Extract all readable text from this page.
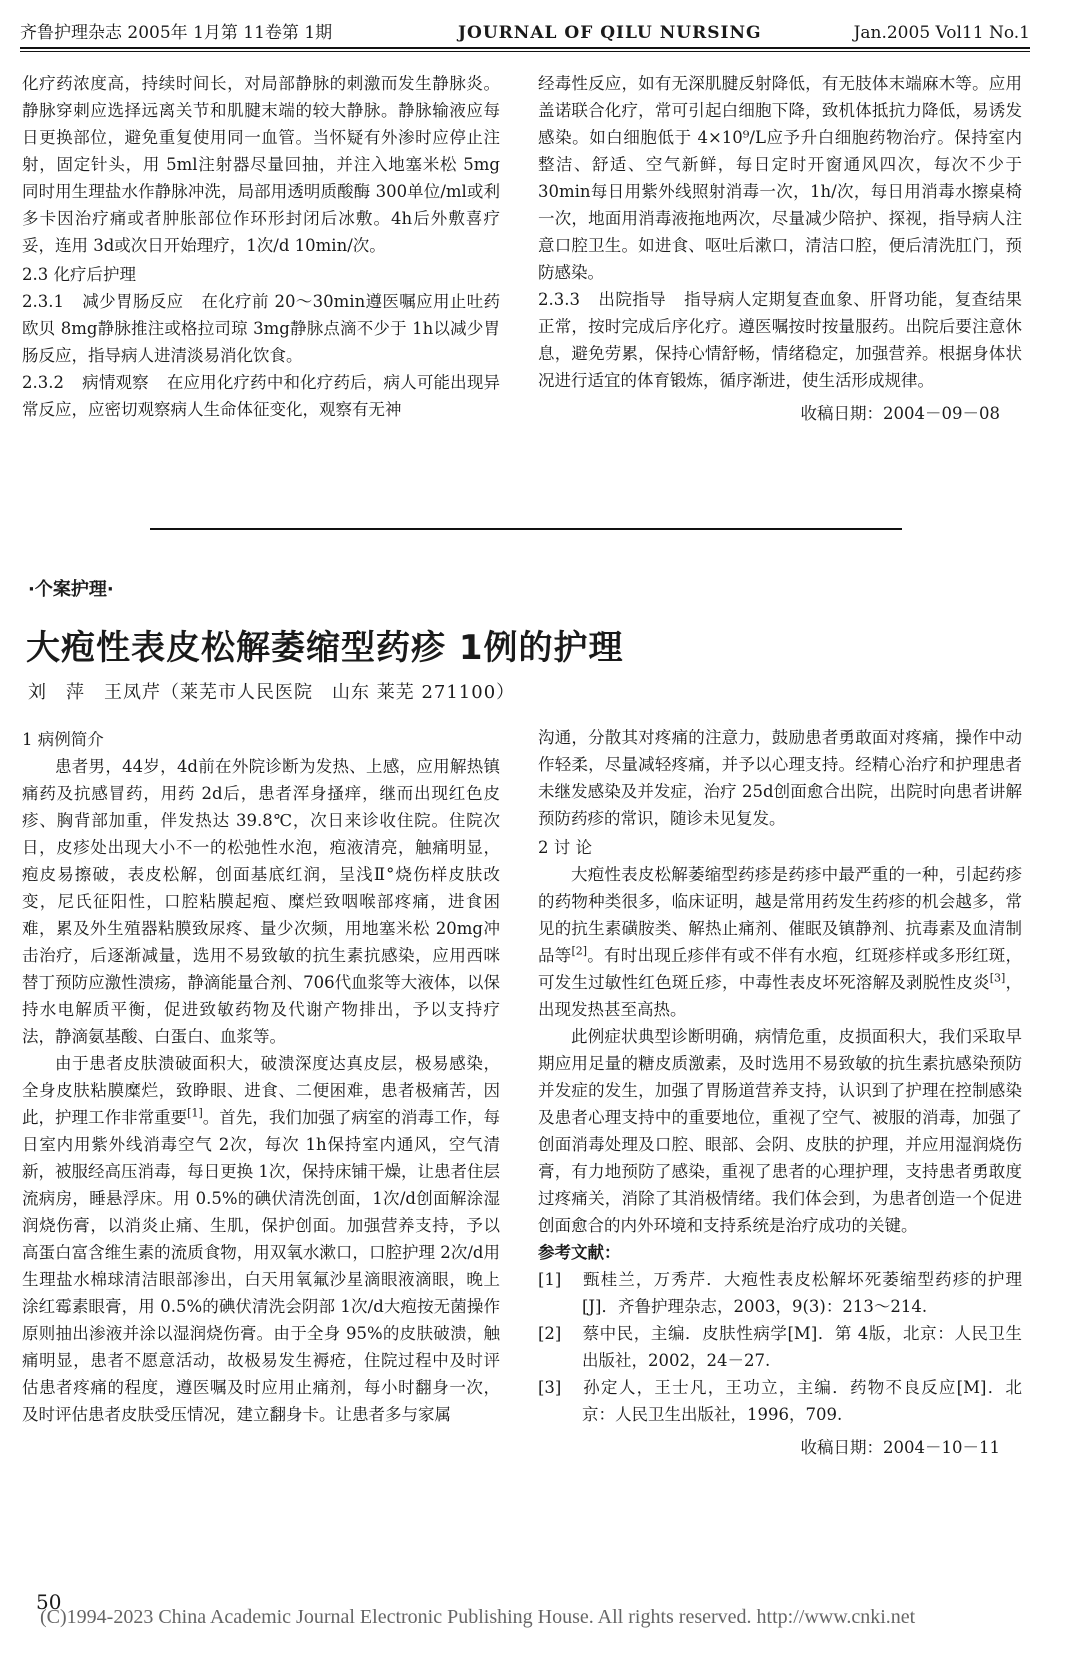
齐鲁护理杂志 2005年 1月第 11卷第 1期	JOURNAL OF QILU NURSING	Jan.2005 Vol11 No.1

化疗药浓度高，持续时间长，对局部静脉的刺激而发生静脉炎。静脉穿刺应选择远离关节和肌腱末端的较大静脉。静脉输液应每日更换部位，避免重复使用同一血管。当怀疑有外渗时应停止注射，固定针头，用 5ml注射器尽量回抽，并注入地塞米松 5mg 同时用生理盐水作静脉冲洗，局部用透明质酸酶 300单位/ml或利多卡因治疗痛或者肿胀部位作环形封闭后冰敷。4h后外敷喜疗妥，连用 3d或次日开始理疗，1次/d 10min/次。

2.3 化疗后护理

2.3.1 减少胃肠反应 在化疗前 20～30min遵医嘱应用止吐药欧贝 8mg静脉推注或格拉司琼 3mg静脉点滴不少于 1h以减少胃肠反应，指导病人进清淡易消化饮食。

2.3.2 病情观察 在应用化疗药中和化疗药后，病人可能出现异常反应，应密切观察病人生命体征变化，观察有无神

经毒性反应，如有无深肌腱反射降低，有无肢体末端麻木等。应用盖诺联合化疗，常可引起白细胞下降，致机体抵抗力降低，易诱发感染。如白细胞低于 4×10⁹/L应予升白细胞药物治疗。保持室内整洁、舒适、空气新鲜，每日定时开窗通风四次，每次不少于 30min每日用紫外线照射消毒一次，1h/次，每日用消毒水擦桌椅一次，地面用消毒液拖地两次，尽量减少陪护、探视，指导病人注意口腔卫生。如进食、呕吐后漱口，清洁口腔，便后清洗肛门，预防感染。

2.3.3 出院指导 指导病人定期复查血象、肝肾功能，复查结果正常，按时完成后序化疗。遵医嘱按时按量服药。出院后要注意休息，避免劳累，保持心情舒畅，情绪稳定，加强营养。根据身体状况进行适宜的体育锻炼，循序渐进，使生活形成规律。

收稿日期：2004－09－08

·个案护理·
大疱性表皮松解萎缩型药疹 1例的护理
刘　萍　王凤芹（莱芜市人民医院　山东 莱芜 271100）

1 病例简介

患者男，44岁，4d前在外院诊断为发热、上感，应用解热镇痛药及抗感冒药，用药 2d后，患者浑身搔痒，继而出现红色皮疹、胸背部加重，伴发热达 39.8℃，次日来诊收住院。住院次日，皮疹处出现大小不一的松弛性水泡，疱液清亮，触痛明显，疱皮易擦破，表皮松解，创面基底红润，呈浅Ⅱ°烧伤样皮肤改变，尼氏征阳性，口腔粘膜起疱、糜烂致咽喉部疼痛，进食困难，累及外生殖器粘膜致尿疼、量少次频，用地塞米松 20mg冲击治疗，后逐渐减量，选用不易致敏的抗生素抗感染，应用西咪替丁预防应激性溃疡，静滴能量合剂、706代血浆等大液体，以保持水电解质平衡，促进致敏药物及代谢产物排出，予以支持疗法，静滴氨基酸、白蛋白、血浆等。

由于患者皮肤溃破面积大，破溃深度达真皮层，极易感染，全身皮肤粘膜糜烂，致睁眼、进食、二便困难，患者极痛苦，因此，护理工作非常重要[1]。首先，我们加强了病室的消毒工作，每日室内用紫外线消毒空气 2次，每次 1h保持室内通风，空气清新，被服经高压消毒，每日更换 1次，保持床铺干燥，让患者住层流病房，睡悬浮床。用 0.5%的碘伏清洗创面，1次/d创面解涂湿润烧伤膏，以消炎止痛、生肌，保护创面。加强营养支持，予以高蛋白富含维生素的流质食物，用双氧水漱口，口腔护理 2次/d用生理盐水棉球清洁眼部渗出，白天用氧氟沙星滴眼液滴眼，晚上涂红霉素眼膏，用 0.5%的碘伏清洗会阴部 1次/d大疱按无菌操作原则抽出渗液并涂以湿润烧伤膏。由于全身 95%的皮肤破溃，触痛明显，患者不愿意活动，故极易发生褥疮，住院过程中及时评估患者疼痛的程度，遵医嘱及时应用止痛剂，每小时翻身一次，及时评估患者皮肤受压情况，建立翻身卡。让患者多与家属

沟通，分散其对疼痛的注意力，鼓励患者勇敢面对疼痛，操作中动作轻柔，尽量减轻疼痛，并予以心理支持。经精心治疗和护理患者未继发感染及并发症，治疗 25d创面愈合出院，出院时向患者讲解预防药疹的常识，随诊未见复发。

2 讨 论

大疱性表皮松解萎缩型药疹是药疹中最严重的一种，引起药疹的药物种类很多，临床证明，越是常用药发生药疹的机会越多，常见的抗生素磺胺类、解热止痛剂、催眠及镇静剂、抗毒素及血清制品等[2]。有时出现丘疹伴有或不伴有水疱，红斑疹样或多形红斑，可发生过敏性红色斑丘疹，中毒性表皮坏死溶解及剥脱性皮炎[3]，出现发热甚至高热。

此例症状典型诊断明确，病情危重，皮损面积大，我们采取早期应用足量的糖皮质激素，及时选用不易致敏的抗生素抗感染预防并发症的发生，加强了胃肠道营养支持，认识到了护理在控制感染及患者心理支持中的重要地位，重视了空气、被服的消毒，加强了创面消毒处理及口腔、眼部、会阴、皮肤的护理，并应用湿润烧伤膏，有力地预防了感染，重视了患者的心理护理，支持患者勇敢度过疼痛关，消除了其消极情绪。我们体会到，为患者创造一个促进创面愈合的内外环境和支持系统是治疗成功的关键。

参考文献：

[1] 甄桂兰，万秀芹．大疱性表皮松解坏死萎缩型药疹的护理[J]．齐鲁护理杂志，2003，9(3)：213～214.

[2] 蔡中民，主编．皮肤性病学[M]．第 4版，北京：人民卫生出版社，2002，24－27.

[3] 孙定人，王士凡，王功立，主编．药物不良反应[M]．北京：人民卫生出版社，1996，709.

收稿日期：2004－10－11

50
(C)1994-2023 China Academic Journal Electronic Publishing House. All rights reserved. http://www.cnki.net
